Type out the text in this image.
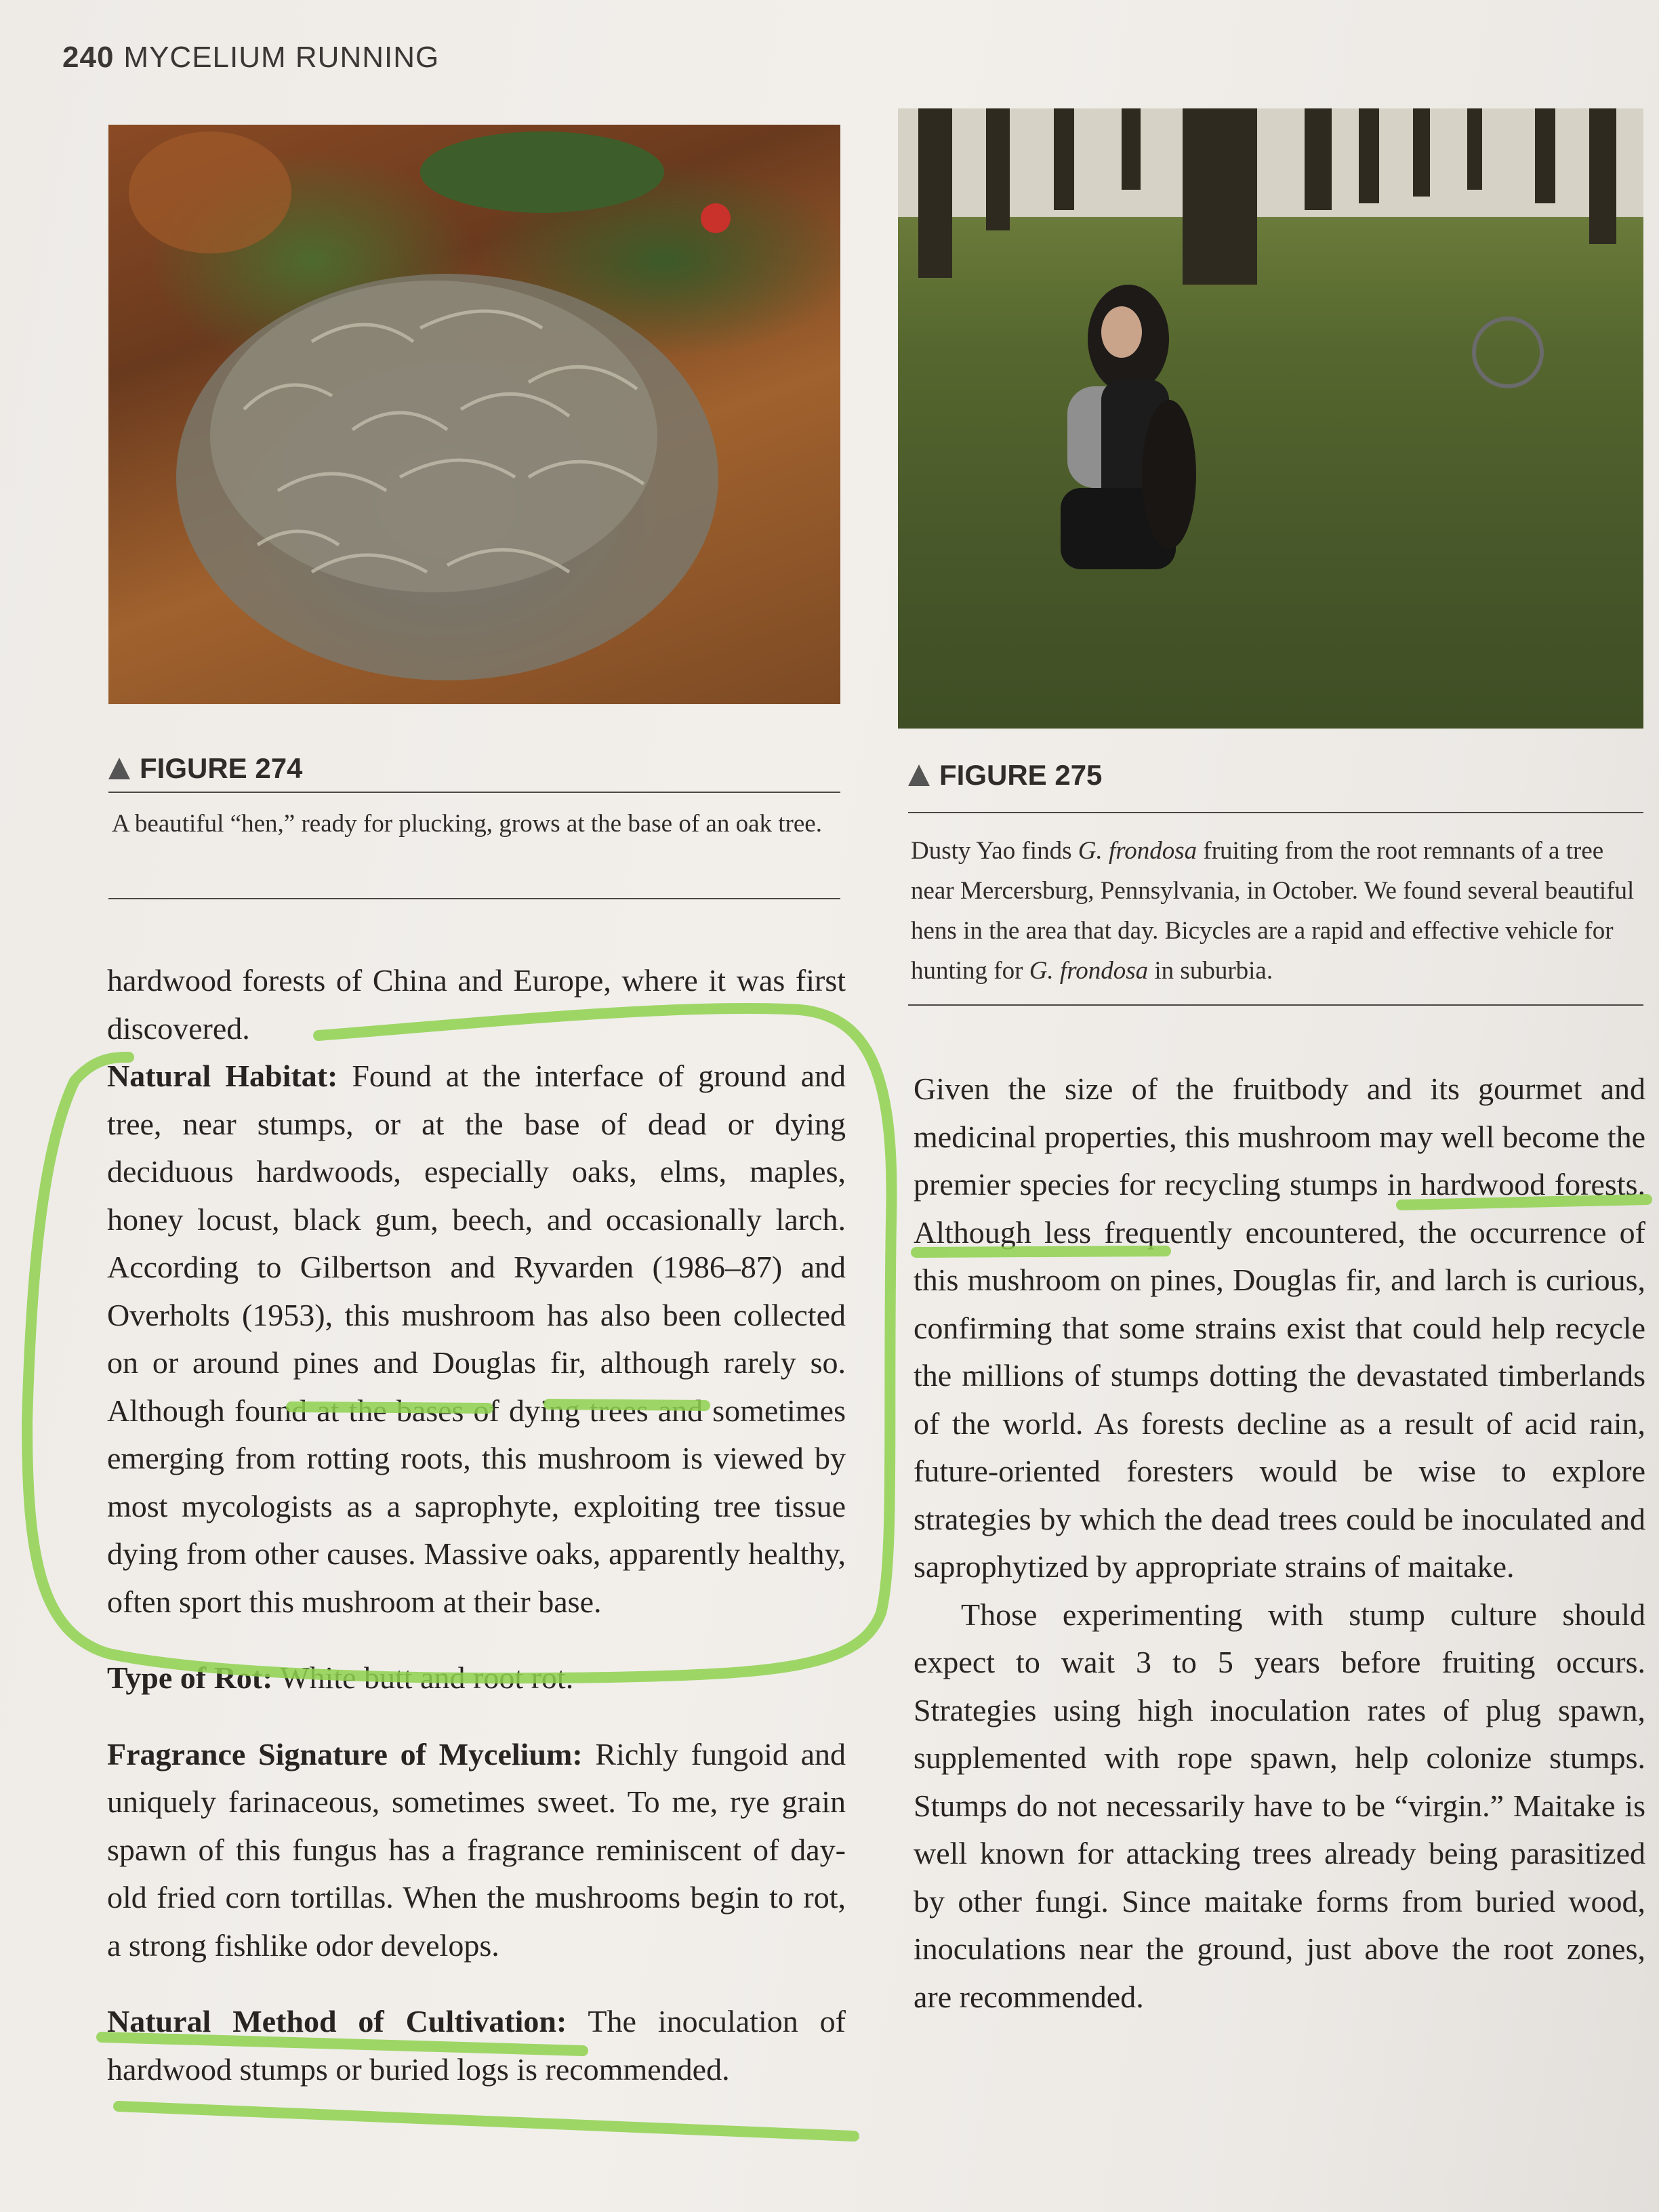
240 MYCELIUM RUNNING
FIGURE 274
A beautiful “hen,” ready for plucking, grows at the base of an oak tree.
FIGURE 275
Dusty Yao finds G. frondosa fruiting from the root remnants of a tree near Mercersburg, Pennsylvania, in October. We found several beautiful hens in the area that day. Bicycles are a rapid and effective vehicle for hunting for G. frondosa in suburbia.

hardwood forests of China and Europe, where it was first discovered.

Natural Habitat: Found at the interface of ground and tree, near stumps, or at the base of dead or dying deciduous hardwoods, especially oaks, elms, maples, honey locust, black gum, beech, and occasionally larch. According to Gilbertson and Ryvarden (1986–87) and Overholts (1953), this mushroom has also been collected on or around pines and Douglas fir, although rarely so. Although found at the bases of dying trees and sometimes emerging from rotting roots, this mushroom is viewed by most mycologists as a saprophyte, exploiting tree tissue dying from other causes. Massive oaks, apparently healthy, often sport this mushroom at their base.

Type of Rot: White butt and root rot.

Fragrance Signature of Mycelium: Richly fungoid and uniquely farinaceous, sometimes sweet. To me, rye grain spawn of this fungus has a fragrance reminiscent of day-old fried corn tortillas. When the mushrooms begin to rot, a strong fishlike odor develops.

Natural Method of Cultivation: The inoculation of hardwood stumps or buried logs is recommended.

Given the size of the fruitbody and its gourmet and medicinal properties, this mushroom may well become the premier species for recycling stumps in hardwood forests. Although less frequently encountered, the occurrence of this mushroom on pines, Douglas fir, and larch is curious, confirming that some strains exist that could help recycle the millions of stumps dotting the devastated timberlands of the world. As forests decline as a result of acid rain, future-oriented foresters would be wise to explore strategies by which the dead trees could be inoculated and saprophytized by appropriate strains of maitake.

Those experimenting with stump culture should expect to wait 3 to 5 years before fruiting occurs. Strategies using high inoculation rates of plug spawn, supplemented with rope spawn, help colonize stumps. Stumps do not necessarily have to be “virgin.” Maitake is well known for attacking trees already being parasitized by other fungi. Since maitake forms from buried wood, inoculations near the ground, just above the root zones, are recommended.
